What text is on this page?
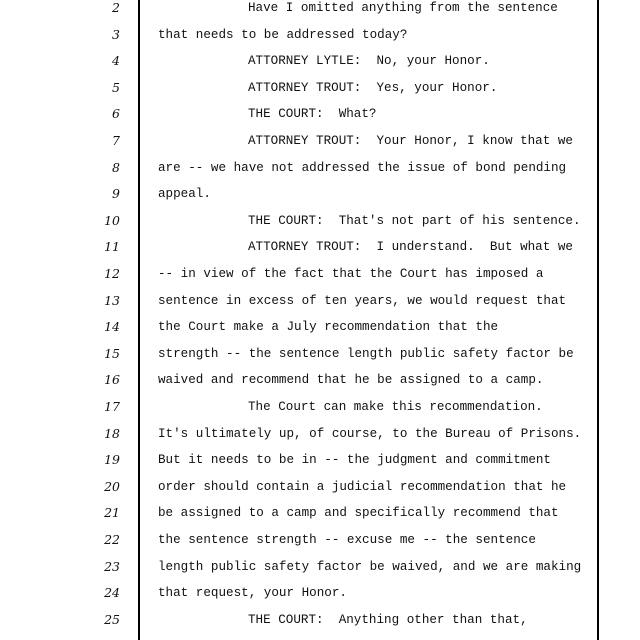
2	Have I omitted anything from the sentence
3	that needs to be addressed today?
4	ATTORNEY LYTLE:  No, your Honor.
5	ATTORNEY TROUT:  Yes, your Honor.
6	THE COURT:  What?
7	ATTORNEY TROUT:  Your Honor, I know that we
8	are -- we have not addressed the issue of bond pending
9	appeal.
10	THE COURT:  That's not part of his sentence.
11	ATTORNEY TROUT:  I understand.  But what we
12	-- in view of the fact that the Court has imposed a
13	sentence in excess of ten years, we would request that
14	the Court make a July recommendation that the
15	strength -- the sentence length public safety factor be
16	waived and recommend that he be assigned to a camp.
17	The Court can make this recommendation.
18	It's ultimately up, of course, to the Bureau of Prisons.
19	But it needs to be in -- the judgment and commitment
20	order should contain a judicial recommendation that he
21	be assigned to a camp and specifically recommend that
22	the sentence strength -- excuse me -- the sentence
23	length public safety factor be waived, and we are making
24	that request, your Honor.
25	THE COURT:  Anything other than that,
